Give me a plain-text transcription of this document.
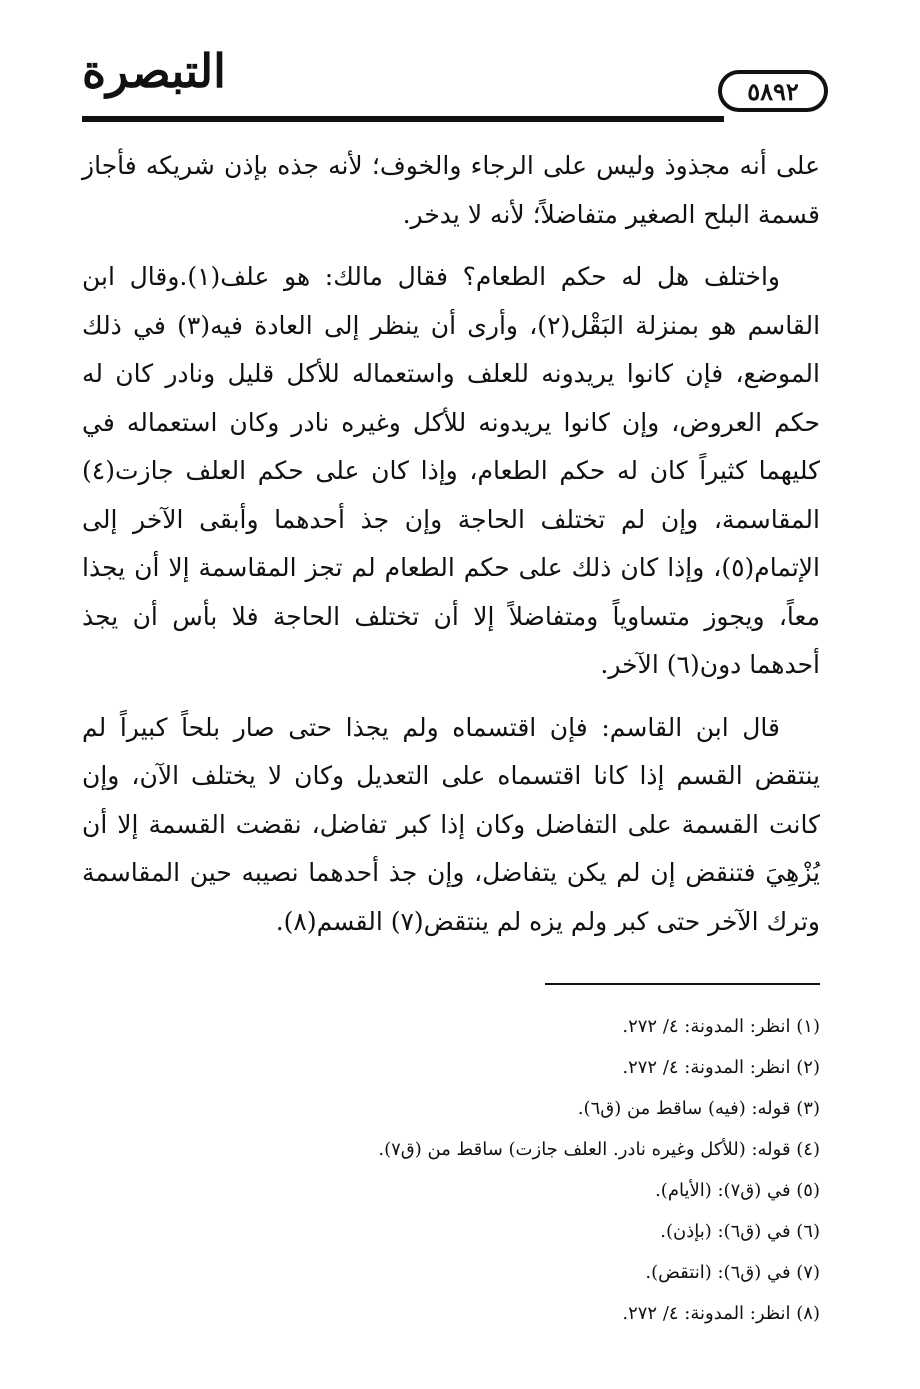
التبصرة	٥٨٩٢

على أنه مجذوذ وليس على الرجاء والخوف؛ لأنه جذه بإذن شريكه فأجاز قسمة البلح الصغير متفاضلاً؛ لأنه لا يدخر.

واختلف هل له حكم الطعام؟ فقال مالك: هو علف(١).وقال ابن القاسم هو بمنزلة البَقْل(٢)، وأرى أن ينظر إلى العادة فيه(٣) في ذلك الموضع، فإن كانوا يريدونه للعلف واستعماله للأكل قليل ونادر كان له حكم العروض، وإن كانوا يريدونه للأكل وغيره نادر وكان استعماله في كليهما كثيراً كان له حكم الطعام، وإذا كان على حكم العلف جازت(٤) المقاسمة، وإن لم تختلف الحاجة وإن جذ أحدهما وأبقى الآخر إلى الإتمام(٥)، وإذا كان ذلك على حكم الطعام لم تجز المقاسمة إلا أن يجذا معاً، ويجوز متساوياً ومتفاضلاً إلا أن تختلف الحاجة فلا بأس أن يجذ أحدهما دون(٦) الآخر.

قال ابن القاسم: فإن اقتسماه ولم يجذا حتى صار بلحاً كبيراً لم ينتقض القسم إذا كانا اقتسماه على التعديل وكان لا يختلف الآن، وإن كانت القسمة على التفاضل وكان إذا كبر تفاضل، نقضت القسمة إلا أن يُزْهِيَ فتنقض إن لم يكن يتفاضل، وإن جذ أحدهما نصيبه حين المقاسمة وترك الآخر حتى كبر ولم يزه لم ينتقض(٧) القسم(٨).

(١) انظر: المدونة: ٤/ ٢٧٢.
(٢) انظر: المدونة: ٤/ ٢٧٢.
(٣) قوله: (فيه) ساقط من (ق٦).
(٤) قوله: (للأكل وغيره نادر. العلف جازت) ساقط من (ق٧).
(٥) في (ق٧): (الأيام).
(٦) في (ق٦): (بإذن).
(٧) في (ق٦): (انتقض).
(٨) انظر: المدونة: ٤/ ٢٧٢.
